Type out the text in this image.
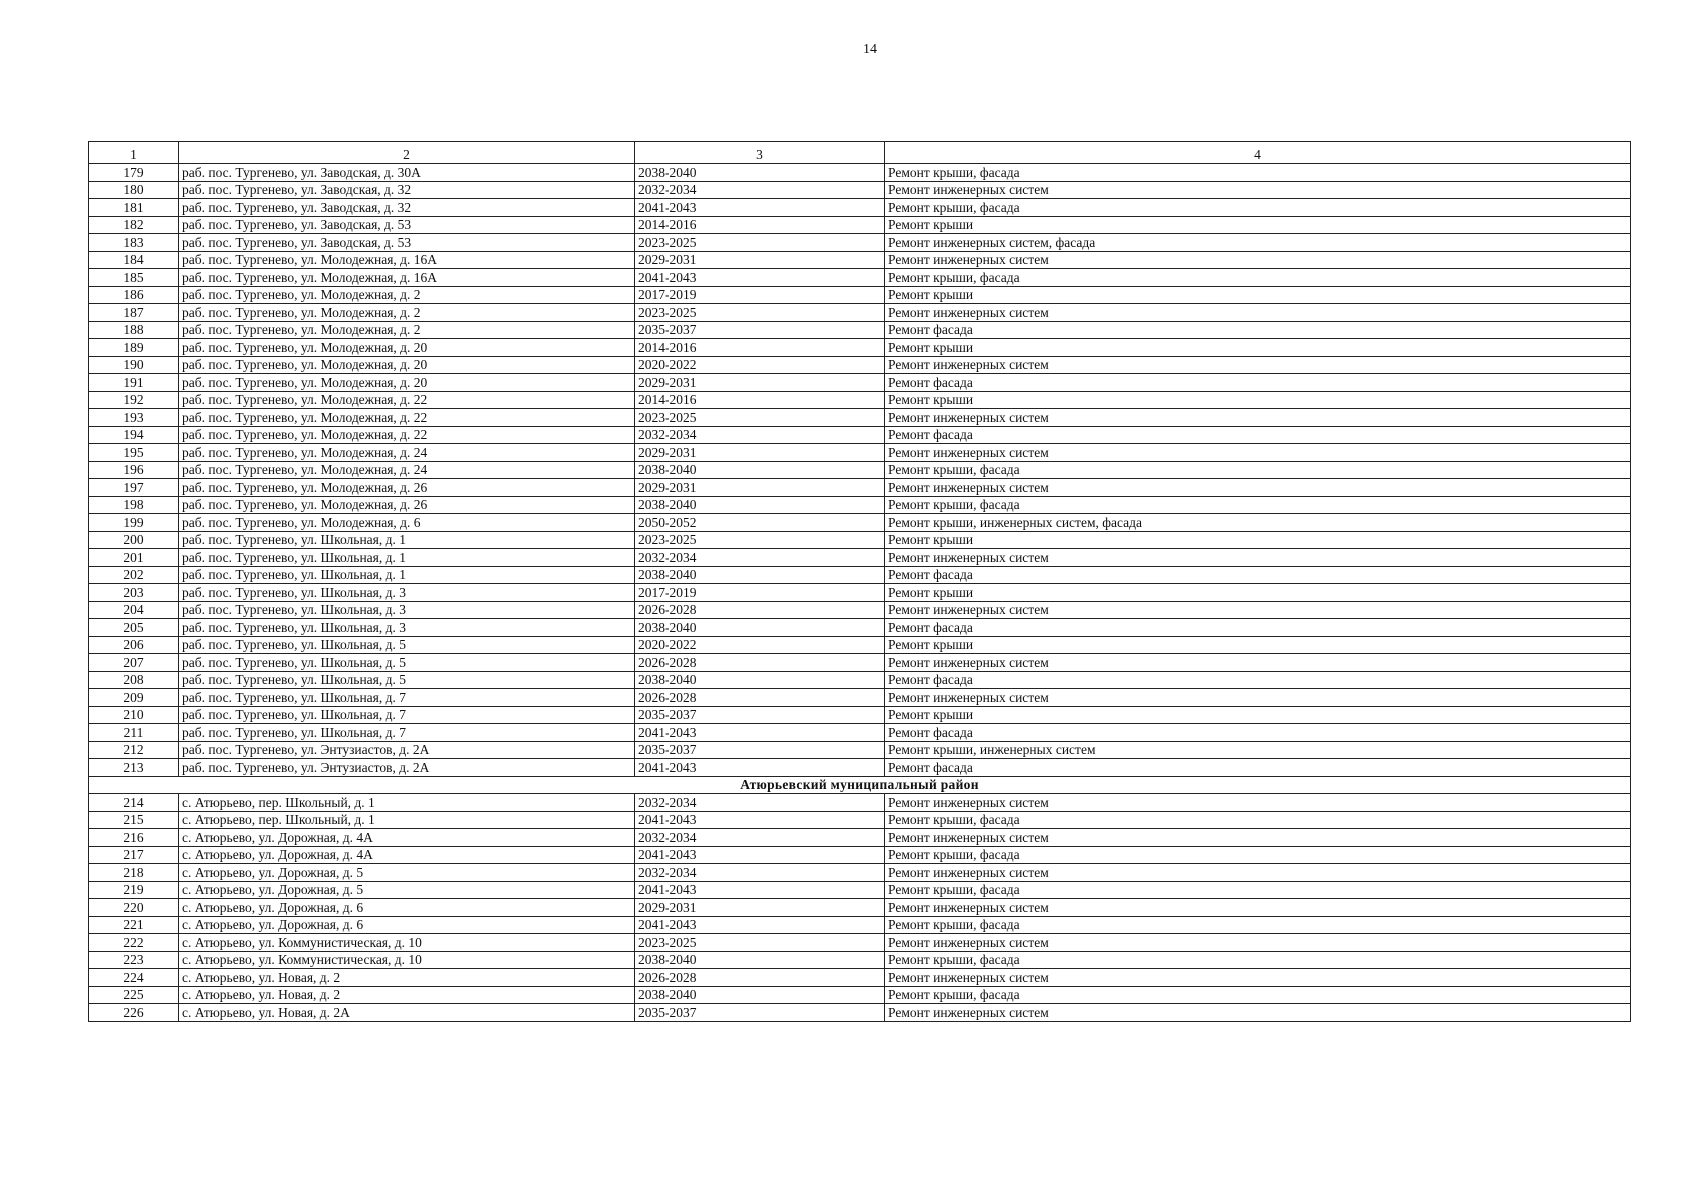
14
1	2	3	4
179	раб. пос. Тургенево, ул. Заводская, д. 30А	2038-2040	Ремонт крыши, фасада
180	раб. пос. Тургенево, ул. Заводская, д. 32	2032-2034	Ремонт инженерных систем
181	раб. пос. Тургенево, ул. Заводская, д. 32	2041-2043	Ремонт крыши, фасада
182	раб. пос. Тургенево, ул. Заводская, д. 53	2014-2016	Ремонт крыши
183	раб. пос. Тургенево, ул. Заводская, д. 53	2023-2025	Ремонт инженерных систем, фасада
184	раб. пос. Тургенево, ул. Молодежная, д. 16А	2029-2031	Ремонт инженерных систем
185	раб. пос. Тургенево, ул. Молодежная, д. 16А	2041-2043	Ремонт крыши, фасада
186	раб. пос. Тургенево, ул. Молодежная, д. 2	2017-2019	Ремонт крыши
187	раб. пос. Тургенево, ул. Молодежная, д. 2	2023-2025	Ремонт инженерных систем
188	раб. пос. Тургенево, ул. Молодежная, д. 2	2035-2037	Ремонт фасада
189	раб. пос. Тургенево, ул. Молодежная, д. 20	2014-2016	Ремонт крыши
190	раб. пос. Тургенево, ул. Молодежная, д. 20	2020-2022	Ремонт инженерных систем
191	раб. пос. Тургенево, ул. Молодежная, д. 20	2029-2031	Ремонт фасада
192	раб. пос. Тургенево, ул. Молодежная, д. 22	2014-2016	Ремонт крыши
193	раб. пос. Тургенево, ул. Молодежная, д. 22	2023-2025	Ремонт инженерных систем
194	раб. пос. Тургенево, ул. Молодежная, д. 22	2032-2034	Ремонт фасада
195	раб. пос. Тургенево, ул. Молодежная, д. 24	2029-2031	Ремонт инженерных систем
196	раб. пос. Тургенево, ул. Молодежная, д. 24	2038-2040	Ремонт крыши, фасада
197	раб. пос. Тургенево, ул. Молодежная, д. 26	2029-2031	Ремонт инженерных систем
198	раб. пос. Тургенево, ул. Молодежная, д. 26	2038-2040	Ремонт крыши, фасада
199	раб. пос. Тургенево, ул. Молодежная, д. 6	2050-2052	Ремонт крыши, инженерных систем, фасада
200	раб. пос. Тургенево, ул. Школьная, д. 1	2023-2025	Ремонт крыши
201	раб. пос. Тургенево, ул. Школьная, д. 1	2032-2034	Ремонт инженерных систем
202	раб. пос. Тургенево, ул. Школьная, д. 1	2038-2040	Ремонт фасада
203	раб. пос. Тургенево, ул. Школьная, д. 3	2017-2019	Ремонт крыши
204	раб. пос. Тургенево, ул. Школьная, д. 3	2026-2028	Ремонт инженерных систем
205	раб. пос. Тургенево, ул. Школьная, д. 3	2038-2040	Ремонт фасада
206	раб. пос. Тургенево, ул. Школьная, д. 5	2020-2022	Ремонт крыши
207	раб. пос. Тургенево, ул. Школьная, д. 5	2026-2028	Ремонт инженерных систем
208	раб. пос. Тургенево, ул. Школьная, д. 5	2038-2040	Ремонт фасада
209	раб. пос. Тургенево, ул. Школьная, д. 7	2026-2028	Ремонт инженерных систем
210	раб. пос. Тургенево, ул. Школьная, д. 7	2035-2037	Ремонт крыши
211	раб. пос. Тургенево, ул. Школьная, д. 7	2041-2043	Ремонт фасада
212	раб. пос. Тургенево, ул. Энтузиастов, д. 2А	2035-2037	Ремонт крыши, инженерных систем
213	раб. пос. Тургенево, ул. Энтузиастов, д. 2А	2041-2043	Ремонт фасада
Атюрьевский муниципальный район			
214	с. Атюрьево, пер. Школьный, д. 1	2032-2034	Ремонт инженерных систем
215	с. Атюрьево, пер. Школьный, д. 1	2041-2043	Ремонт крыши, фасада
216	с. Атюрьево, ул. Дорожная, д. 4А	2032-2034	Ремонт инженерных систем
217	с. Атюрьево, ул. Дорожная, д. 4А	2041-2043	Ремонт крыши, фасада
218	с. Атюрьево, ул. Дорожная, д. 5	2032-2034	Ремонт инженерных систем
219	с. Атюрьево, ул. Дорожная, д. 5	2041-2043	Ремонт крыши, фасада
220	с. Атюрьево, ул. Дорожная, д. 6	2029-2031	Ремонт инженерных систем
221	с. Атюрьево, ул. Дорожная, д. 6	2041-2043	Ремонт крыши, фасада
222	с. Атюрьево, ул. Коммунистическая, д. 10	2023-2025	Ремонт инженерных систем
223	с. Атюрьево, ул. Коммунистическая, д. 10	2038-2040	Ремонт крыши, фасада
224	с. Атюрьево, ул. Новая, д. 2	2026-2028	Ремонт инженерных систем
225	с. Атюрьево, ул. Новая, д. 2	2038-2040	Ремонт крыши, фасада
226	с. Атюрьево, ул. Новая, д. 2А	2035-2037	Ремонт инженерных систем
